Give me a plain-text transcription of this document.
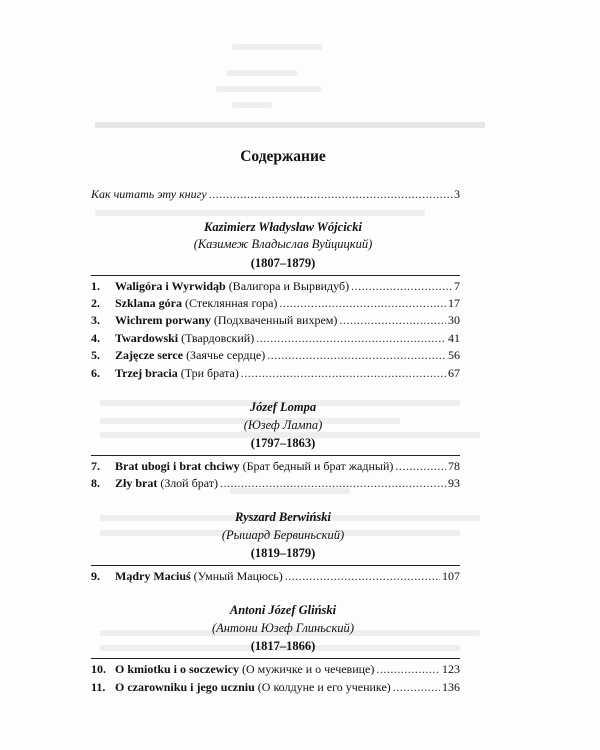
Содержание
Как читать эту книгу .....	3
Kazimierz Władysław Wójcicki
(Казимеж Владыслав Вуйцицкий)
(1807–1879)
1.	Waligóra i Wyrwidąb (Валигора и Вырвидуб) .....	7
2.	Szklana góra (Стеклянная гора) .....	17
3.	Wichrem porwany (Подхваченный вихрем) .....	30
4.	Twardowski (Твардовский) .....	41
5.	Zajęcze serce (Заячье сердце) .....	56
6.	Trzej bracia (Три брата) .....	67
Józef Lompa
(Юзеф Лампа)
(1797–1863)
7.	Brat ubogi i brat chciwy (Брат бедный и брат жадный) .....	78
8.	Zły brat (Злой брат) .....	93
Ryszard Berwiński
(Рышард Бервиньский)
(1819–1879)
9.	Mądry Maciuś (Умный Мацюсь) .....	107
Antoni Józef Gliński
(Антони Юзеф Глиньский)
(1817–1866)
10. O kmiotku i o soczewicy (О мужичке и о чечевице) .....	123
11. O czarowniku i jego uczniu (О колдуне и его ученике) .....	136
